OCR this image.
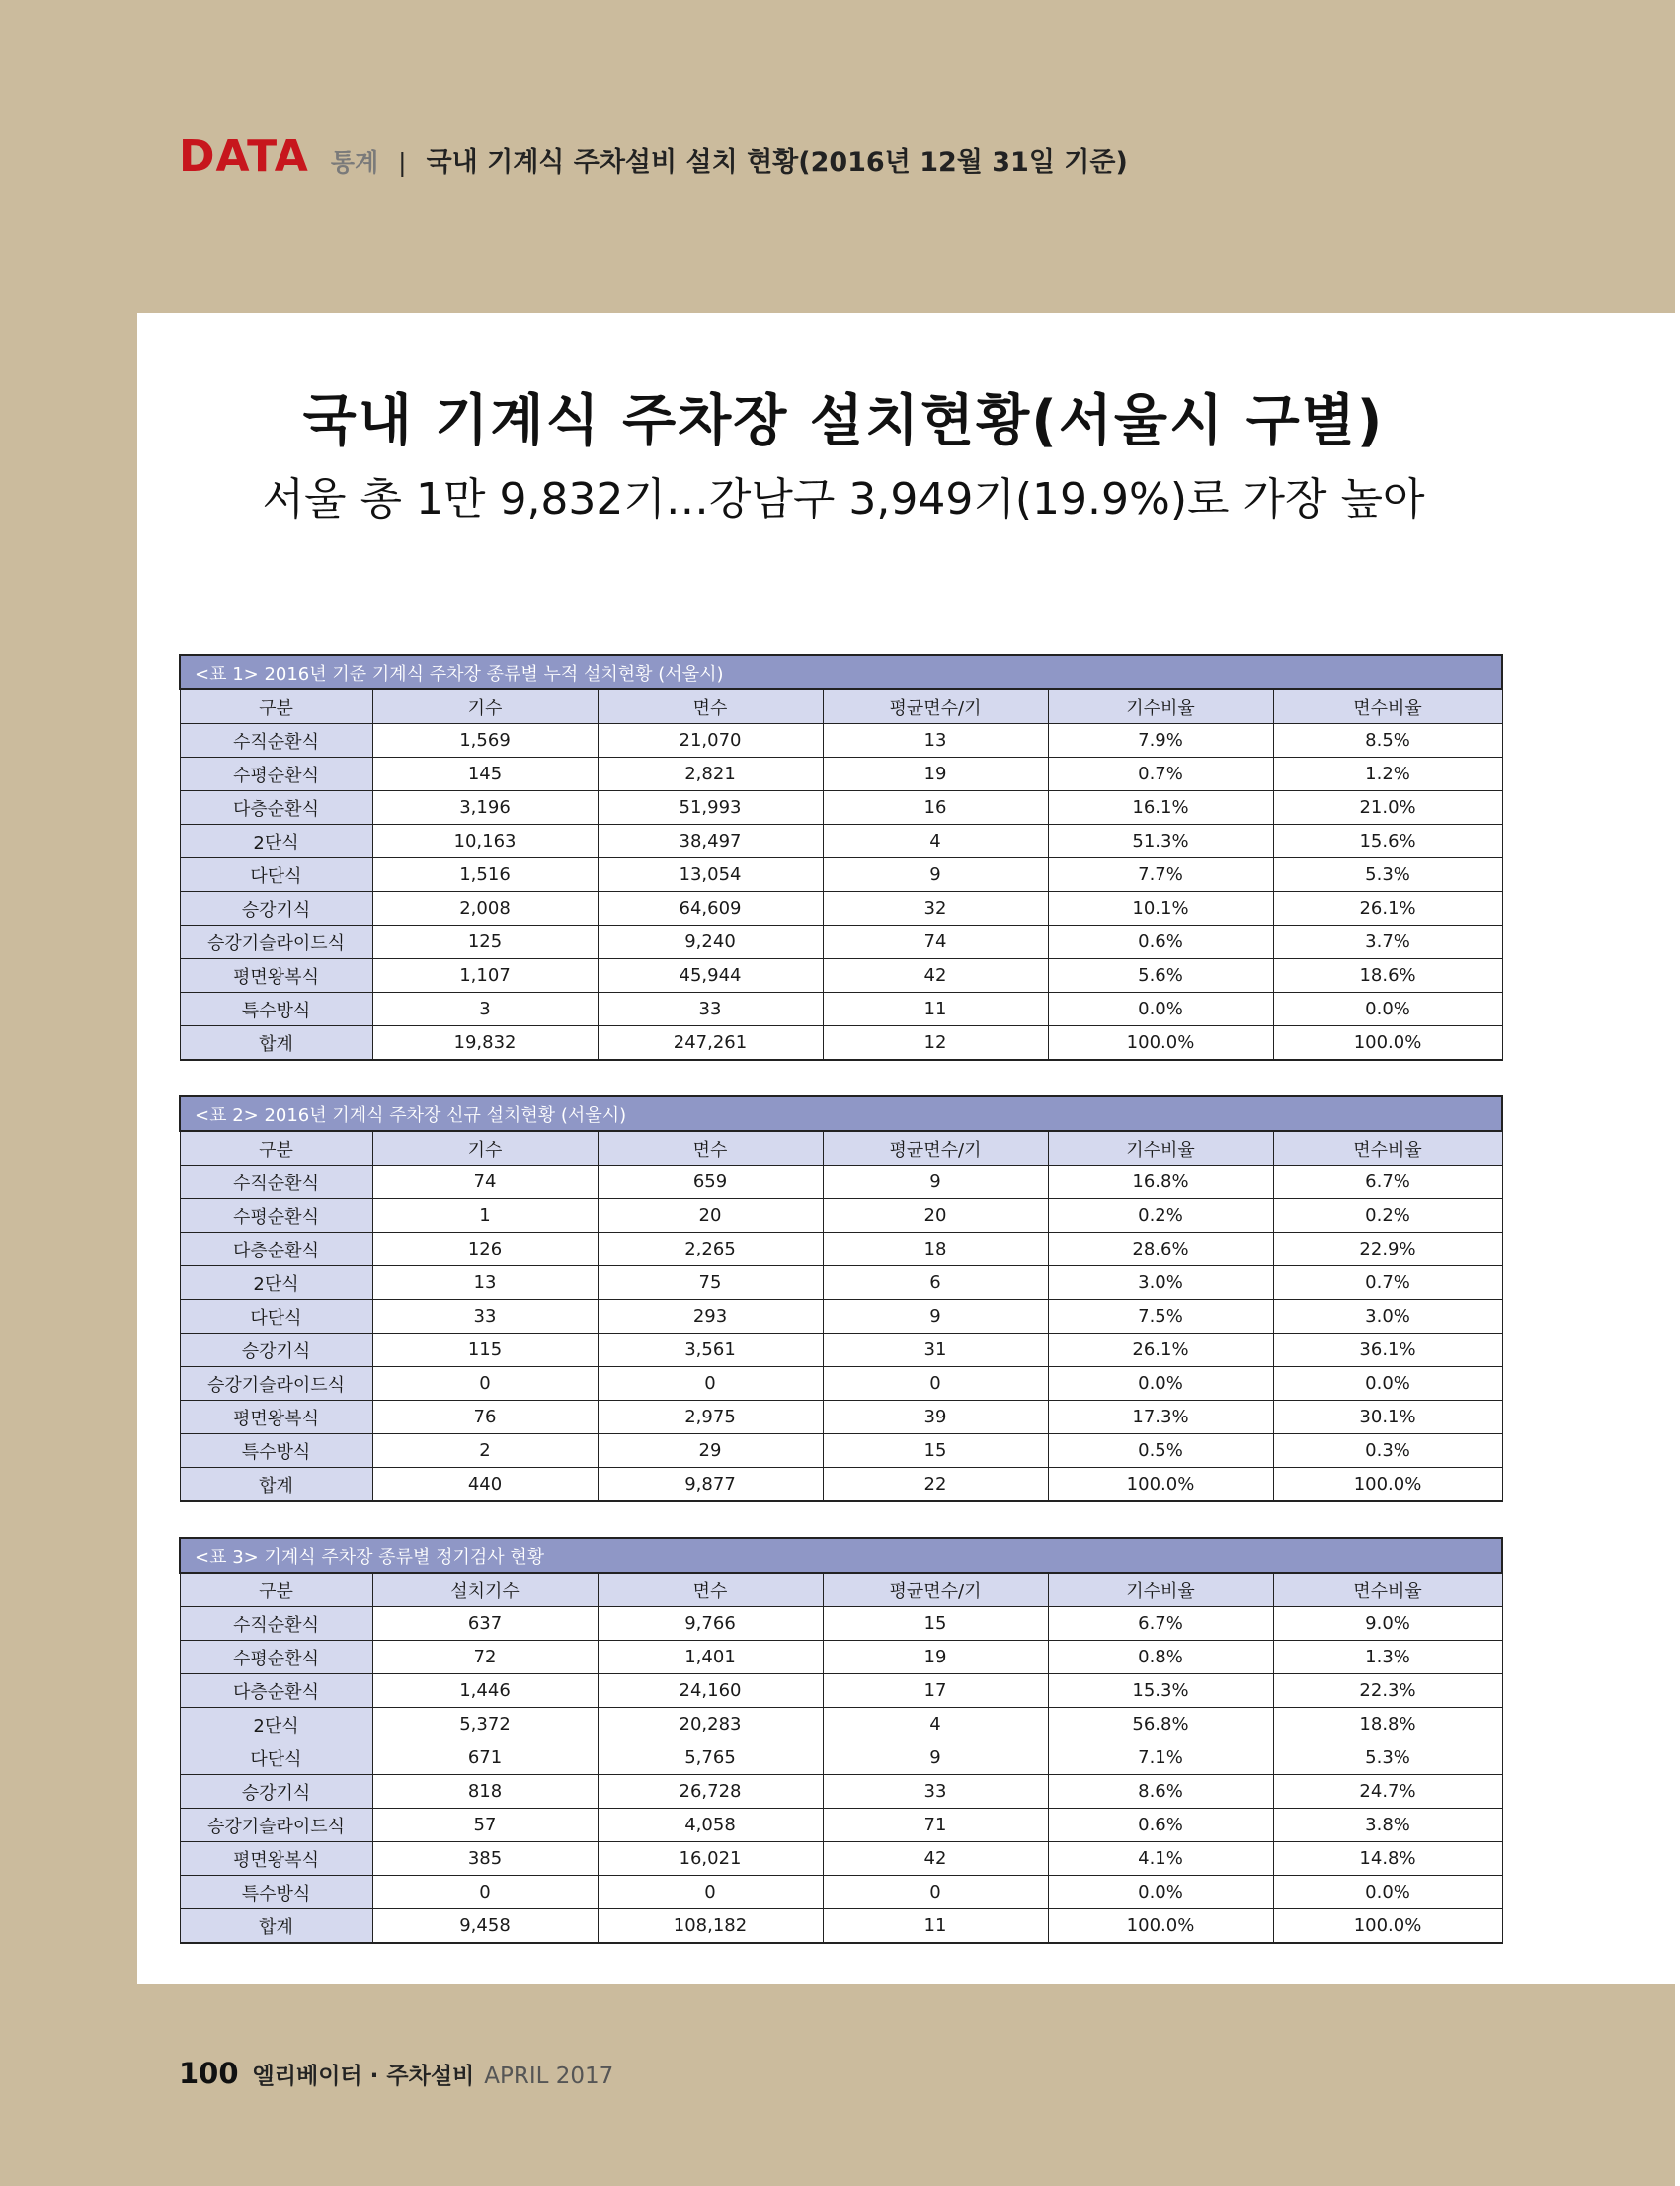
DATA 통계 | 국내 기계식 주차설비 설치 현황(2016년 12월 31일 기준)
국내 기계식 주차장 설치현황(서울시 구별)
서울 총 1만 9,832기…강남구 3,949기(19.9%)로 가장 높아
<표 1> 2016년 기준 기계식 주차장 종류별 누적 설치현황 (서울시)					
구분	기수	면수	평균면수/기	기수비율	면수비율
수직순환식	1,569	21,070	13	7.9%	8.5%
수평순환식	145	2,821	19	0.7%	1.2%
다층순환식	3,196	51,993	16	16.1%	21.0%
2단식	10,163	38,497	4	51.3%	15.6%
다단식	1,516	13,054	9	7.7%	5.3%
승강기식	2,008	64,609	32	10.1%	26.1%
승강기슬라이드식	125	9,240	74	0.6%	3.7%
평면왕복식	1,107	45,944	42	5.6%	18.6%
특수방식	3	33	11	0.0%	0.0%
합계	19,832	247,261	12	100.0%	100.0%
<표 2> 2016년 기계식 주차장 신규 설치현황 (서울시)					
구분	기수	면수	평균면수/기	기수비율	면수비율
수직순환식	74	659	9	16.8%	6.7%
수평순환식	1	20	20	0.2%	0.2%
다층순환식	126	2,265	18	28.6%	22.9%
2단식	13	75	6	3.0%	0.7%
다단식	33	293	9	7.5%	3.0%
승강기식	115	3,561	31	26.1%	36.1%
승강기슬라이드식	0	0	0	0.0%	0.0%
평면왕복식	76	2,975	39	17.3%	30.1%
특수방식	2	29	15	0.5%	0.3%
합계	440	9,877	22	100.0%	100.0%
<표 3> 기계식 주차장 종류별 정기검사 현황					
구분	설치기수	면수	평균면수/기	기수비율	면수비율
수직순환식	637	9,766	15	6.7%	9.0%
수평순환식	72	1,401	19	0.8%	1.3%
다층순환식	1,446	24,160	17	15.3%	22.3%
2단식	5,372	20,283	4	56.8%	18.8%
다단식	671	5,765	9	7.1%	5.3%
승강기식	818	26,728	33	8.6%	24.7%
승강기슬라이드식	57	4,058	71	0.6%	3.8%
평면왕복식	385	16,021	42	4.1%	14.8%
특수방식	0	0	0	0.0%	0.0%
합계	9,458	108,182	11	100.0%	100.0%
100 엘리베이터 · 주차설비 APRIL 2017
